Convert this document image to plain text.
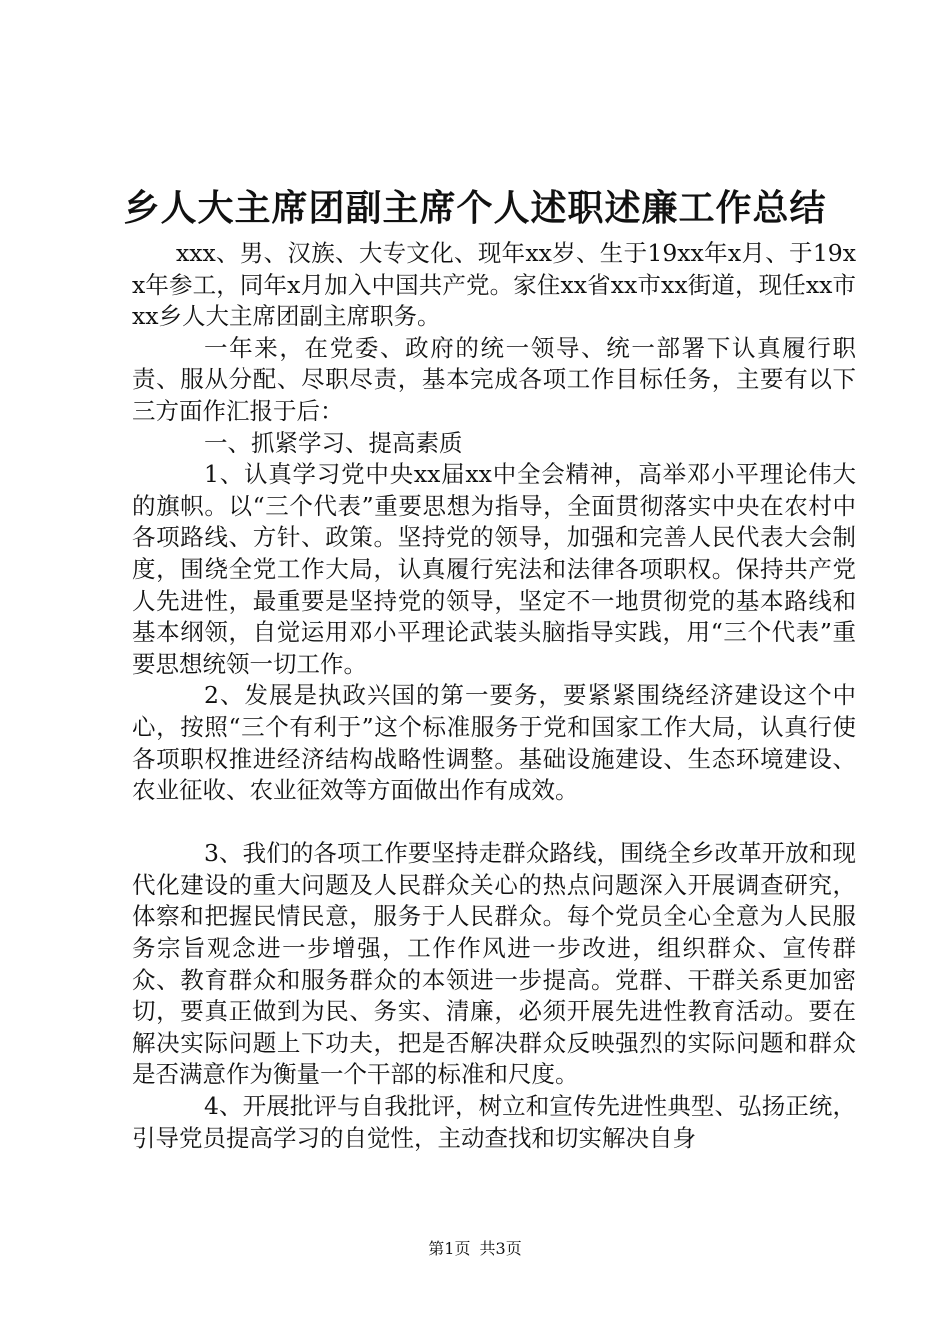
乡人大主席团副主席个人述职述廉工作总结

xxx、男、汉族、大专文化、现年xx岁、生于19xx年x月、于19xx年参工，同年x月加入中国共产党。家住xx省xx市xx街道，现任xx市xx乡人大主席团副主席职务。

一年来，在党委、政府的统一领导、统一部署下认真履行职责、服从分配、尽职尽责，基本完成各项工作目标任务，主要有以下三方面作汇报于后：

一、抓紧学习、提高素质

1、认真学习党中央xx届xx中全会精神，高举邓小平理论伟大的旗帜。以“三个代表”重要思想为指导，全面贯彻落实中央在农村中各项路线、方针、政策。坚持党的领导，加强和完善人民代表大会制度，围绕全党工作大局，认真履行宪法和法律各项职权。保持共产党人先进性，最重要是坚持党的领导，坚定不一地贯彻党的基本路线和基本纲领，自觉运用邓小平理论武装头脑指导实践，用“三个代表”重要思想统领一切工作。

2、发展是执政兴国的第一要务，要紧紧围绕经济建设这个中心，按照“三个有利于”这个标准服务于党和国家工作大局，认真行使各项职权推进经济结构战略性调整。基础设施建设、生态环境建设、农业征收、农业征效等方面做出作有成效。

3、我们的各项工作要坚持走群众路线，围绕全乡改革开放和现代化建设的重大问题及人民群众关心的热点问题深入开展调查研究，体察和把握民情民意，服务于人民群众。每个党员全心全意为人民服务宗旨观念进一步增强，工作作风进一步改进，组织群众、宣传群众、教育群众和服务群众的本领进一步提高。党群、干群关系更加密切，要真正做到为民、务实、清廉，必须开展先进性教育活动。要在解决实际问题上下功夫，把是否解决群众反映强烈的实际问题和群众是否满意作为衡量一个干部的标准和尺度。

4、开展批评与自我批评，树立和宣传先进性典型、弘扬正统，引导党员提高学习的自觉性，主动查找和切实解决自身

第1页 共3页
